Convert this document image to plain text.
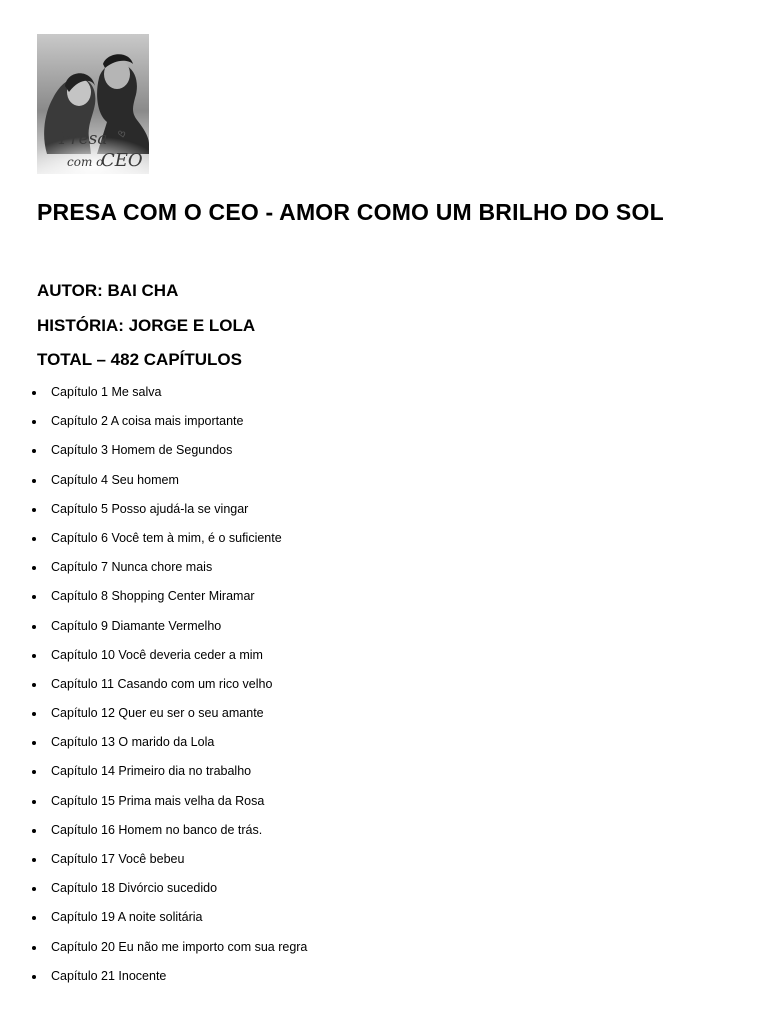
Presa
com o
CEO
PRESA COM O CEO - AMOR COMO UM BRILHO DO SOL

AUTOR: BAI CHA

HISTÓRIA: JORGE E LOLA

TOTAL – 482 CAPÍTULOS

Capítulo 1 Me salva
Capítulo 2 A coisa mais importante
Capítulo 3 Homem de Segundos
Capítulo 4 Seu homem
Capítulo 5 Posso ajudá-la se vingar
Capítulo 6 Você tem à mim, é o suficiente
Capítulo 7 Nunca chore mais
Capítulo 8 Shopping Center Miramar
Capítulo 9 Diamante Vermelho
Capítulo 10 Você deveria ceder a mim
Capítulo 11 Casando com um rico velho
Capítulo 12 Quer eu ser o seu amante
Capítulo 13 O marido da Lola
Capítulo 14 Primeiro dia no trabalho
Capítulo 15 Prima mais velha da Rosa
Capítulo 16 Homem no banco de trás.
Capítulo 17 Você bebeu
Capítulo 18 Divórcio sucedido
Capítulo 19 A noite solitária
Capítulo 20 Eu não me importo com sua regra
Capítulo 21 Inocente
